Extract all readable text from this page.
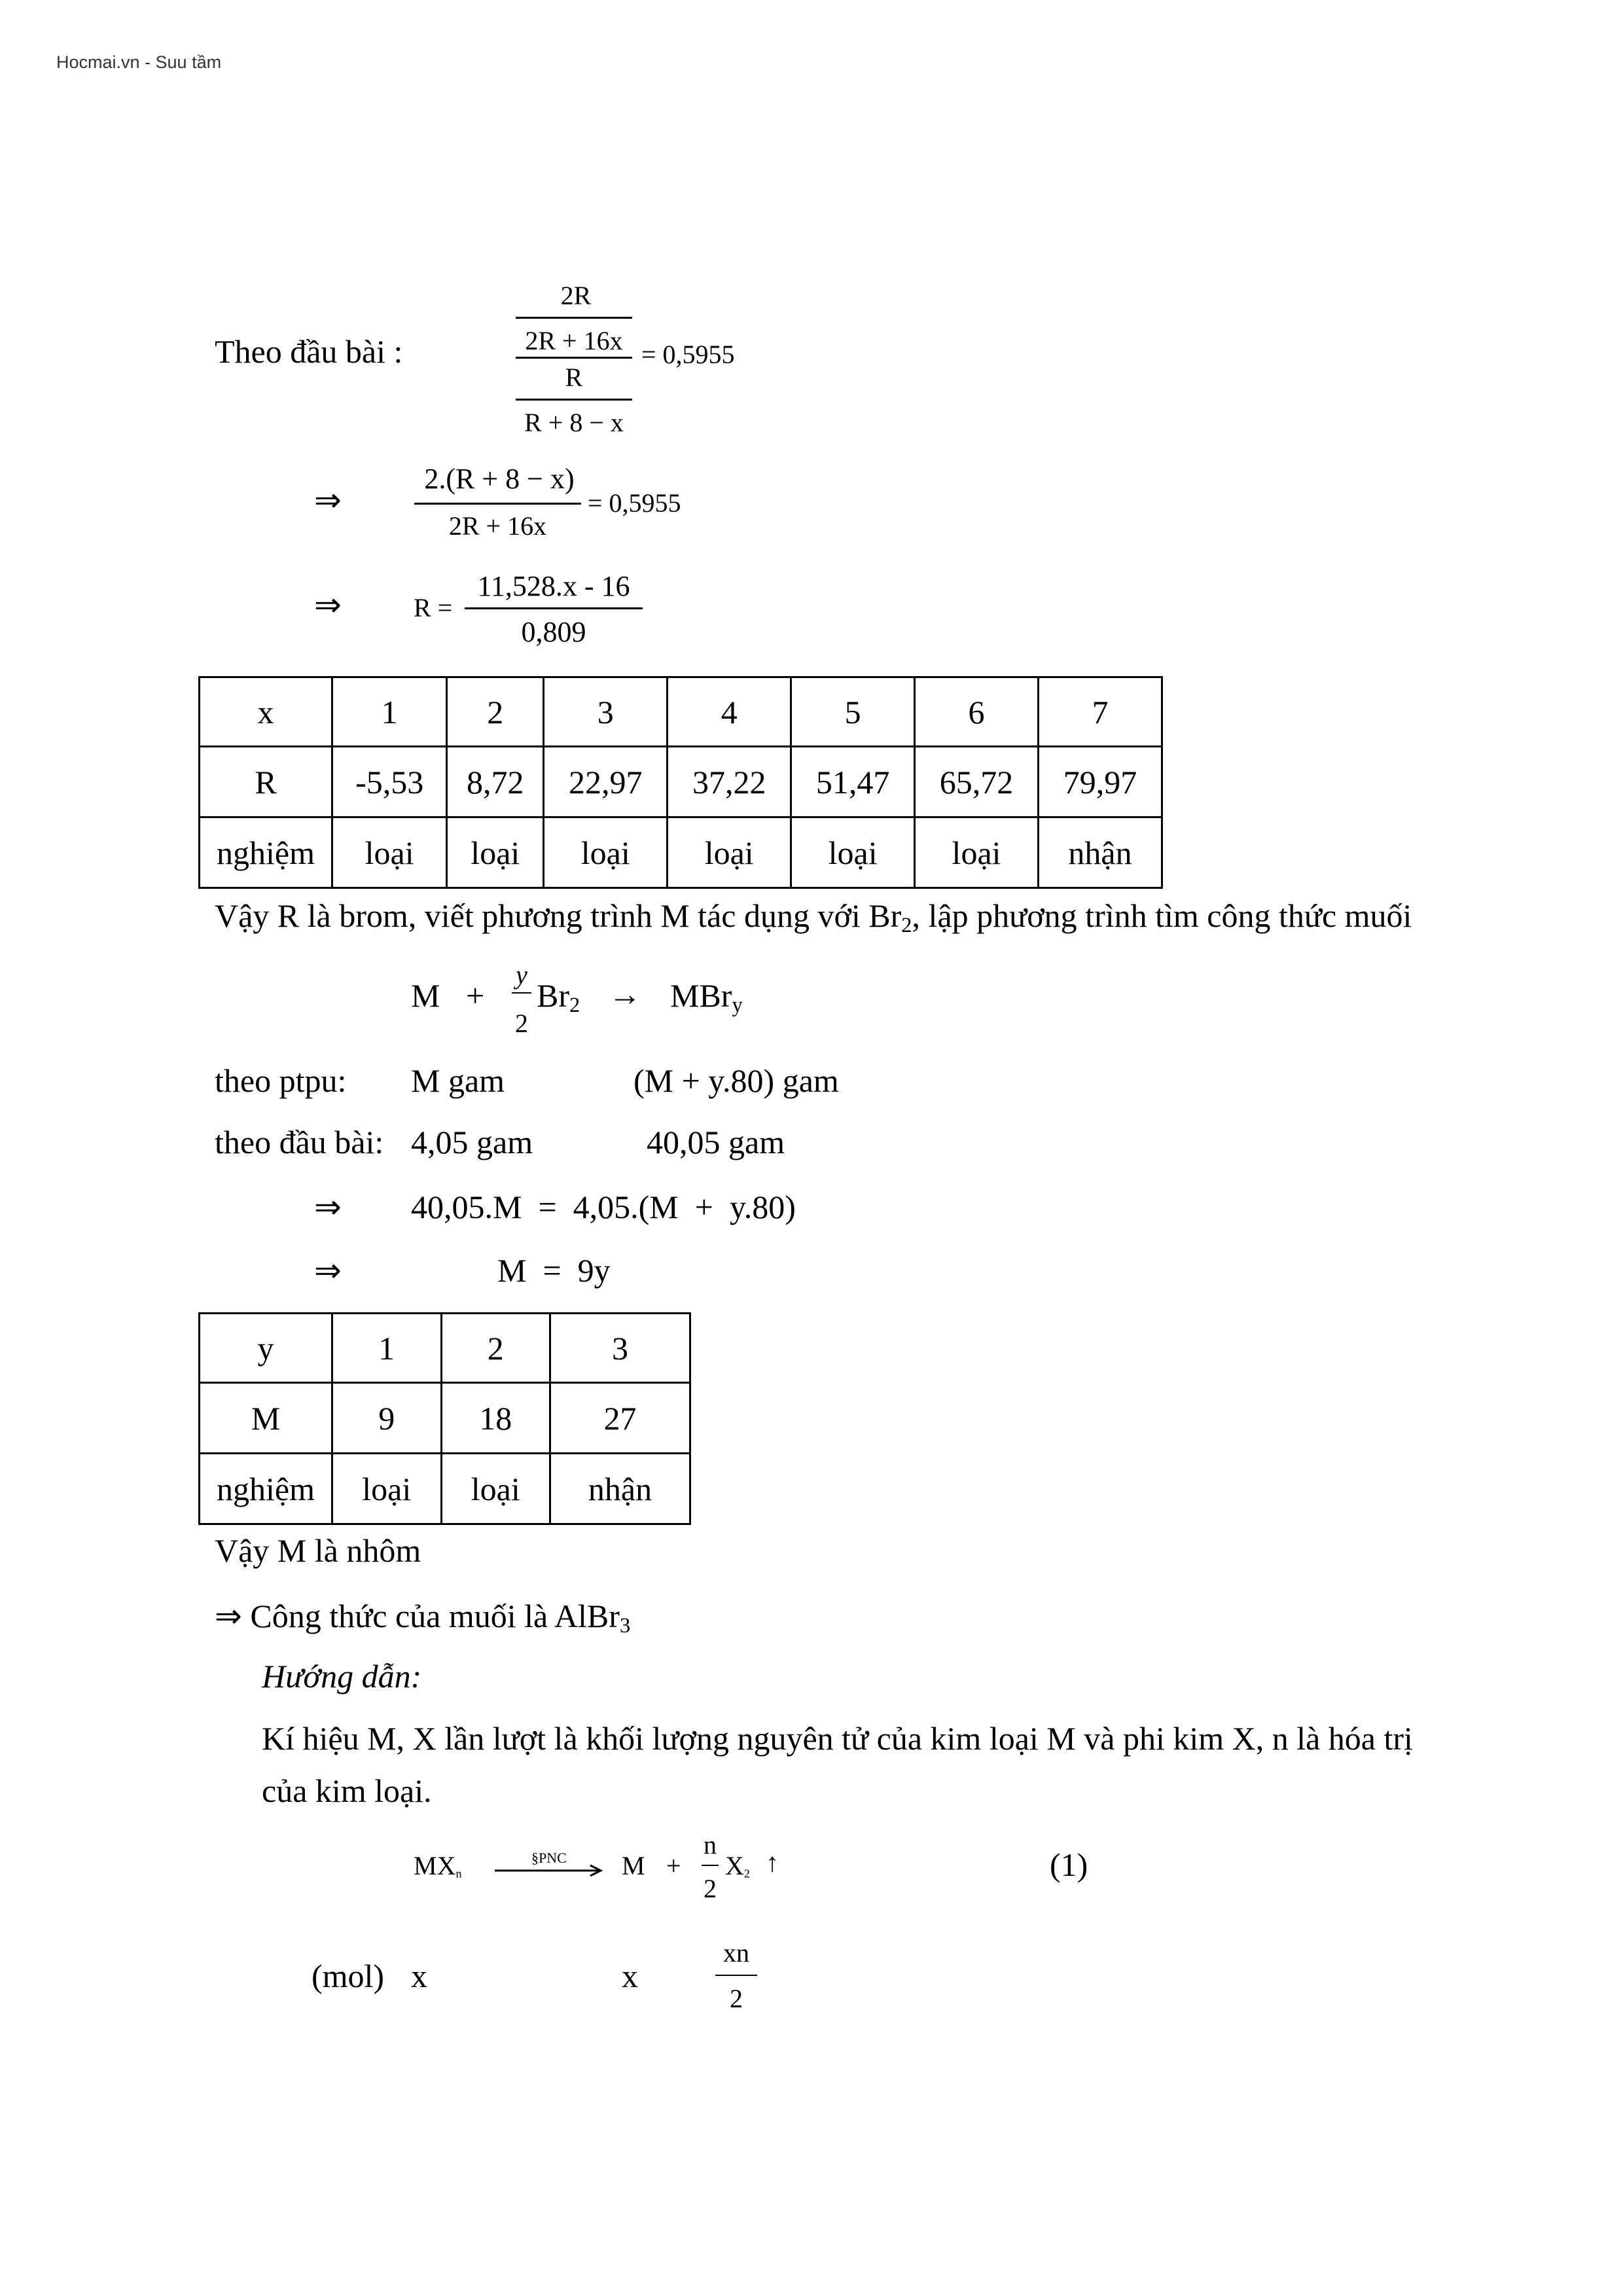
Hocmai.vn - Suu tầm
Theo đầu bài :
2R
2R + 16x
R
R + 8 − x
= 0,5955
⇒
2.(R + 8 − x)
2R + 16x
= 0,5955
⇒	R =
11,528.x - 16
0,809
x	1	2	3	4	5	6	7
R	-5,53	8,72	22,97	37,22	51,47	65,72	79,97
nghiệm	loại	loại	loại	loại	loại	loại	nhận
Vậy R là brom, viết phương trình M tác dụng với $Br_2$, lập phương trình tìm công thức muối
M +
y
2
$Br_2 \to MBr_y$
theo ptpu: M gam	(M + y.80) gam
theo đầu bài: 4,05 gam	40,05 gam
⇒ 40,05.M  =  4,05.(M  +  y.80)
⇒	M  =  9y
y	1	2	3
M	9	18	27
nghiệm	loại	loại	nhận
Vậy M là nhôm
⇒ Công thức của muối là AlBr$_3$
Hướng dẫn:
Kí hiệu M, X lần lượt là khối lượng nguyên tử của kim loại M và phi kim X, n là hóa trị
của kim loại.
$MX_n$
§PNC M +
n
2
$X_2$ ↑	(1)
(mol) x	x
xn
2
